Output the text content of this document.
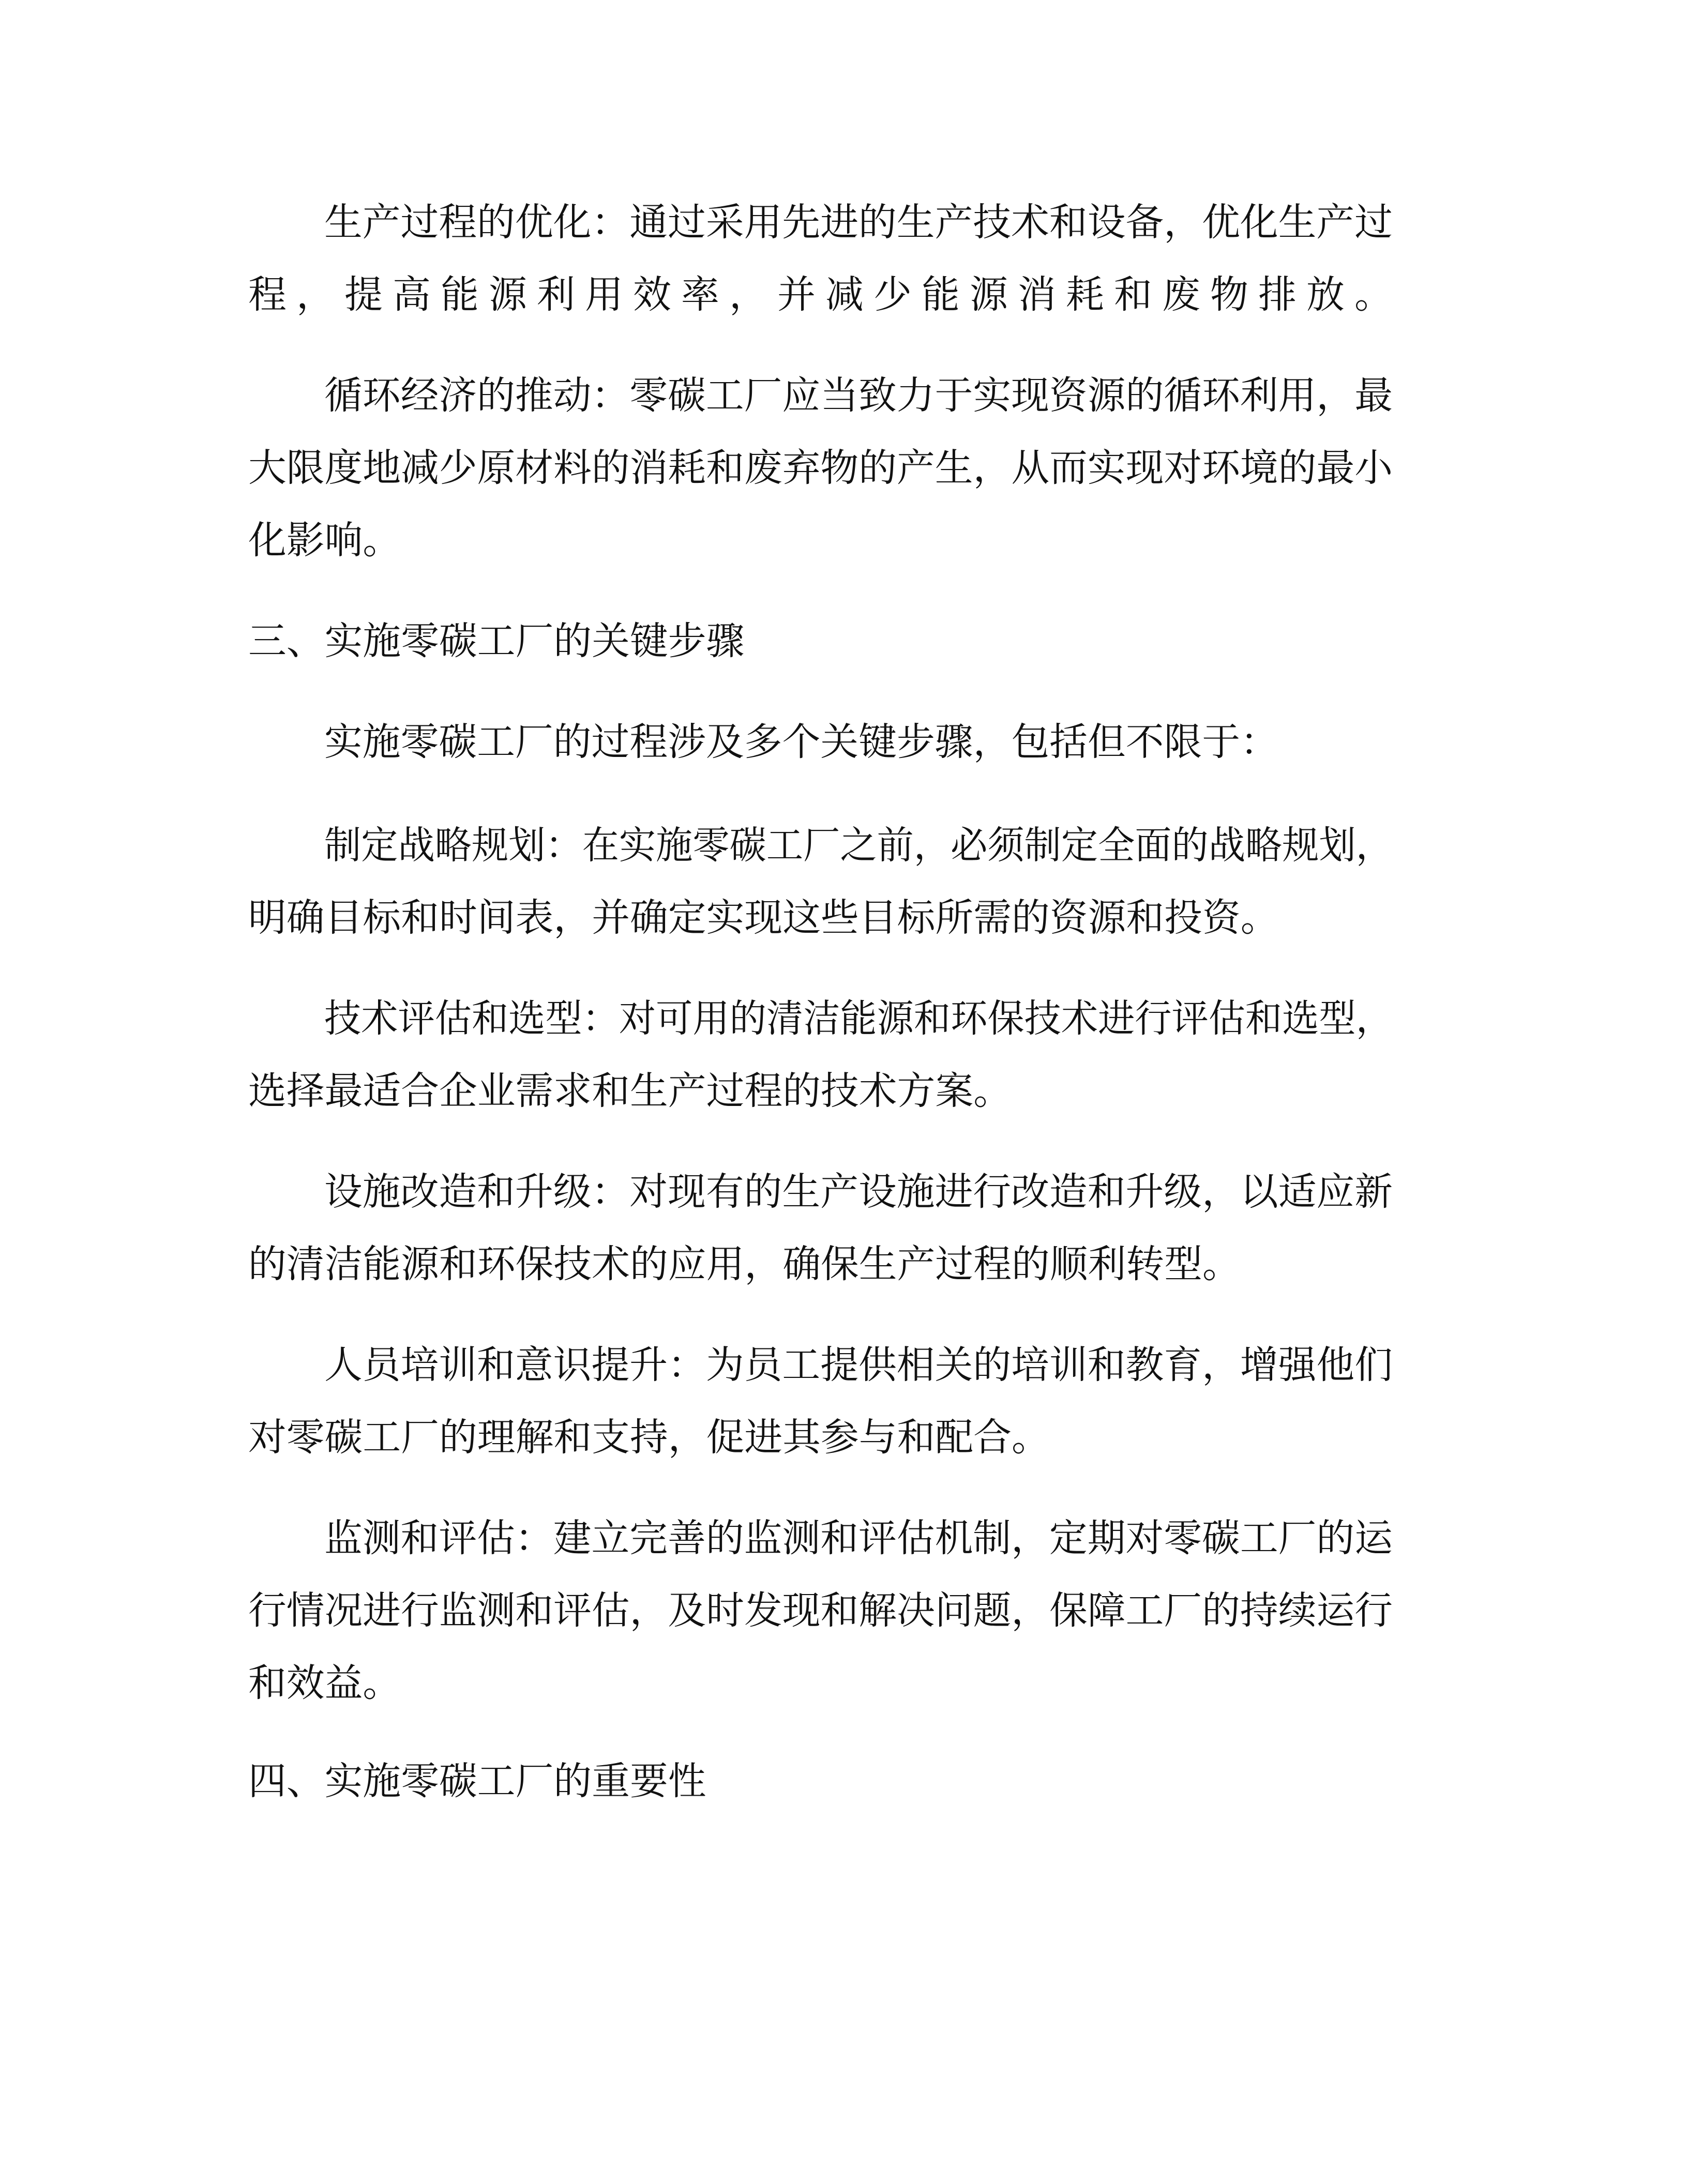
生产过程的优化：通过采用先进的生产技术和设备，优化生产过
程，提高能源利用效率，并减少能源消耗和废物排放。
循环经济的推动：零碳工厂应当致力于实现资源的循环利用，最
大限度地减少原材料的消耗和废弃物的产生，从而实现对环境的最小
化影响。
三、实施零碳工厂的关键步骤
实施零碳工厂的过程涉及多个关键步骤，包括但不限于：
制定战略规划：在实施零碳工厂之前，必须制定全面的战略规划，
明确目标和时间表，并确定实现这些目标所需的资源和投资。
技术评估和选型：对可用的清洁能源和环保技术进行评估和选型，
选择最适合企业需求和生产过程的技术方案。
设施改造和升级：对现有的生产设施进行改造和升级，以适应新
的清洁能源和环保技术的应用，确保生产过程的顺利转型。
人员培训和意识提升：为员工提供相关的培训和教育，增强他们
对零碳工厂的理解和支持，促进其参与和配合。
监测和评估：建立完善的监测和评估机制，定期对零碳工厂的运
行情况进行监测和评估，及时发现和解决问题，保障工厂的持续运行
和效益。
四、实施零碳工厂的重要性
